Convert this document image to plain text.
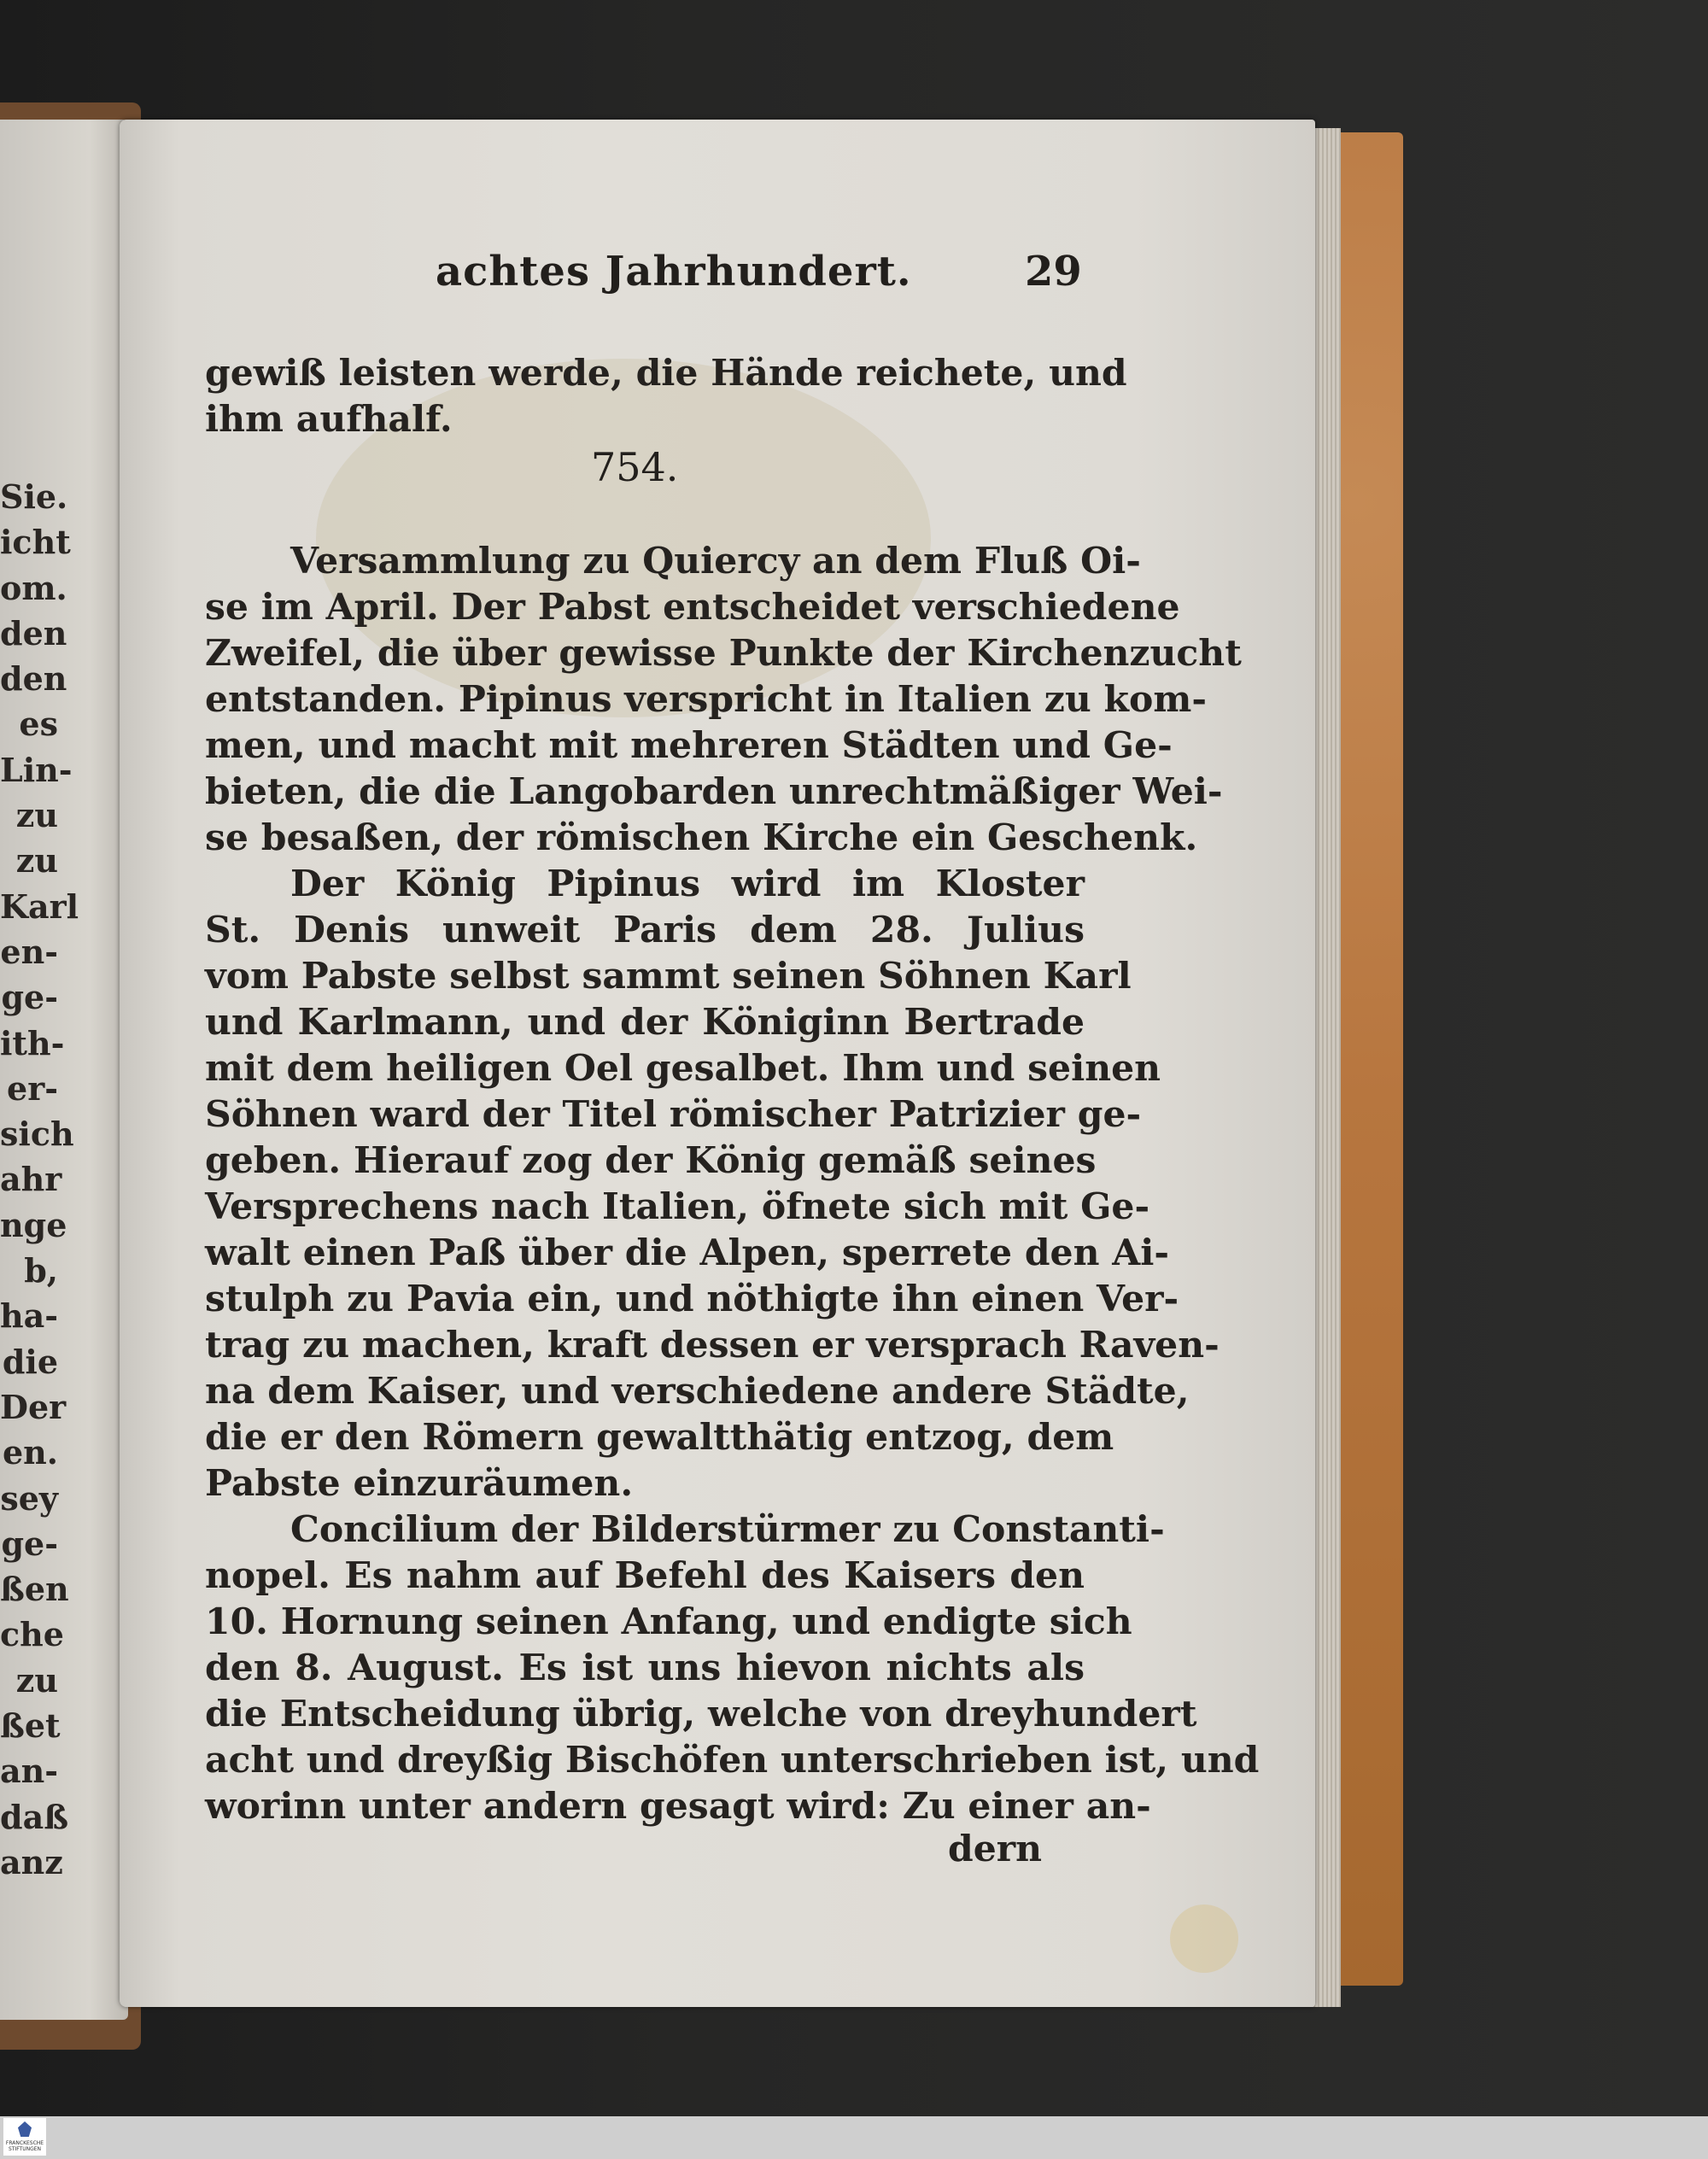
Sie.
icht
om.
den
den
es
Lin-
zu
zu
Karl
en-
ge-
ith-
er-
sich
ahr
nge
b,
ha-
die
Der
en.
sey
ge-
ßen
che
zu
ßet
an-
daß
anz
achtes Jahrhundert.	29
754.
gewiß leisten werde, die Hände reichete, und
ihm aufhalf.
Versammlung zu Quiercy an dem Fluß Oi-
se im April. Der Pabst entscheidet verschiedene
Zweifel, die über gewisse Punkte der Kirchenzucht
entstanden. Pipinus verspricht in Italien zu kom-
men, und macht mit mehreren Städten und Ge-
bieten, die die Langobarden unrechtmäßiger Wei-
se besaßen, der römischen Kirche ein Geschenk.
Der König Pipinus wird im Kloster
St. Denis unweit Paris dem 28. Julius
vom Pabste selbst sammt seinen Söhnen Karl
und Karlmann, und der Königinn Bertrade
mit dem heiligen Oel gesalbet. Ihm und seinen
Söhnen ward der Titel römischer Patrizier ge-
geben. Hierauf zog der König gemäß seines
Versprechens nach Italien, öfnete sich mit Ge-
walt einen Paß über die Alpen, sperrete den Ai-
stulph zu Pavia ein, und nöthigte ihn einen Ver-
trag zu machen, kraft dessen er versprach Raven-
na dem Kaiser, und verschiedene andere Städte,
die er den Römern gewaltthätig entzog, dem
Pabste einzuräumen.
Concilium der Bilderstürmer zu Constanti-
nopel. Es nahm auf Befehl des Kaisers den
10. Hornung seinen Anfang, und endigte sich
den 8. August. Es ist uns hievon nichts als
die Entscheidung übrig, welche von dreyhundert
acht und dreyßig Bischöfen unterschrieben ist, und
worinn unter andern gesagt wird: Zu einer an-
dern
FRANCKESCHE STIFTUNGEN
